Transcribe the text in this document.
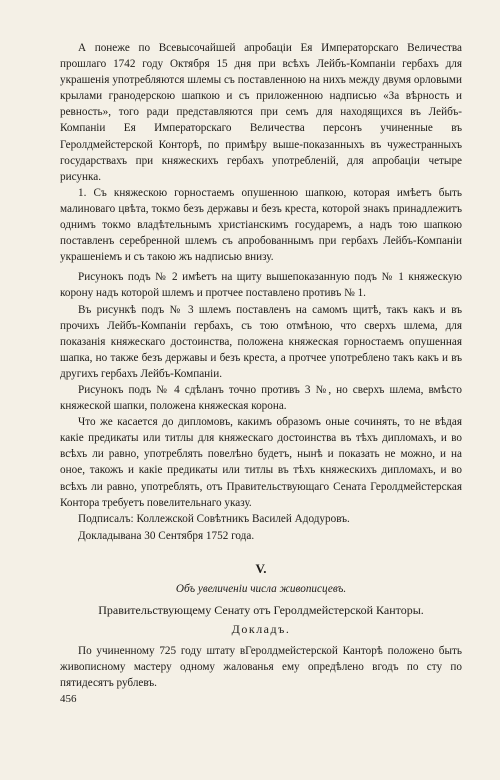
А понеже по Всевысочайшей апробацiи Ея Императорскаго Величества прошлаго 1742 году Октября 15 дня при всѣхъ Лейбъ-Компанiи гербахъ для украшенiя употребляются шлемы съ поставленною на нихъ между двумя орловыми крылами гранодерскою шапкою и съ приложенною надписью «За вѣрность и ревность», того ради представляются при семъ для находящихся въ Лейбъ-Компанiи Ея Императорскаго Величества персонъ учиненные въ Геролдмейстерской Конторѣ, по примѣру выше-показанныхъ въ чужестранныхъ государствахъ при княжескихъ гербахъ употребленiй, для апробацiи четыре рисунка.

1. Съ княжескою горностаемъ опушенною шапкою, которая имѣетъ быть малиноваго цвѣта, токмо безъ державы и безъ креста, которой знакъ принадлежитъ однимъ токмо владѣтельнымъ христiанскимъ государемъ, а надъ тою шапкою поставленъ серебренной шлемъ съ апробованнымъ при гербахъ Лейбъ-Компанiи украшенiемъ и съ такою жъ надписью внизу.

Рисунокъ подъ № 2 имѣетъ на щиту вышепоказанную подъ № 1 княжескую корону надъ которой шлемъ и протчее поставлено противъ № 1.

Въ рисункѣ подъ № 3 шлемъ поставленъ на самомъ щитѣ, такъ какъ и въ прочихъ Лейбъ-Компанiи гербахъ, съ тою отмѣною, что сверхъ шлема, для показанiя княжескаго достоинства, положена княжеская горностаемъ опушенная шапка, но также безъ державы и безъ креста, а протчее употреблено такъ какъ и въ другихъ гербахъ Лейбъ-Компанiи.

Рисунокъ подъ № 4 сдѣланъ точно противъ 3 №, но сверхъ шлема, вмѣсто княжеской шапки, положена княжеская корона.

Что же касается до дипломовъ, какимъ образомъ оные сочинять, то не вѣдая какiе предикаты или титлы для княжескаго достоинства въ тѣхъ дипломахъ, и во всѣхъ ли равно, употреблять повелѣно будетъ, нынѣ и показать не можно, и на оное, такожъ и какiе предикаты или титлы въ тѣхъ княжескихъ дипломахъ, и во всѣхъ ли равно, употреблять, отъ Правительствующаго Сената Геролдмейстерская Контора требуетъ повелительнаго указу.

Подписалъ: Коллежской Совѣтникъ Василей Адодуровъ.

Докладывана 30 Сентября 1752 года.

V.
Объ увеличенiи числа живописцевъ.
Правительствующему Сенату отъ Геролдмейстерской Канторы.
Докладъ.

По учиненному 725 году штату вГеролдмейстерской Канторѣ положено быть живописному мастеру одному жалованья ему опредѣлено вгодъ по сту по пятидесятъ рублевъ.

456
